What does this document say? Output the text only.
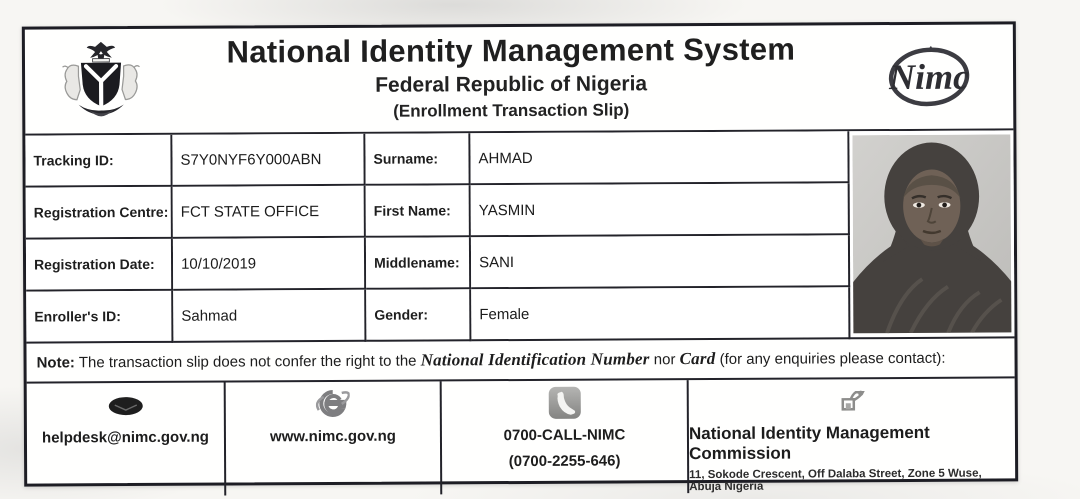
National Identity Management System
Federal Republic of Nigeria
(Enrollment Transaction Slip)
Nimc
Tracking ID:	S7Y0NYF6Y000ABN	Surname:	AHMAD
Registration Centre: FCT STATE OFFICE	First Name:	YASMIN
Registration Date:	10/10/2019	Middlename:	SANI
Enroller's ID:	Sahmad	Gender:	Female
Note: The transaction slip does not confer the right to the National Identification Number nor Card (for any enquiries please contact):
helpdesk@nimc.gov.ng	www.nimc.gov.ng	0700-CALL-NIMC
(0700-2255-646)
National Identity Management Commission
11, Sokode Crescent, Off Dalaba Street, Zone 5 Wuse, Abuja Nigeria
